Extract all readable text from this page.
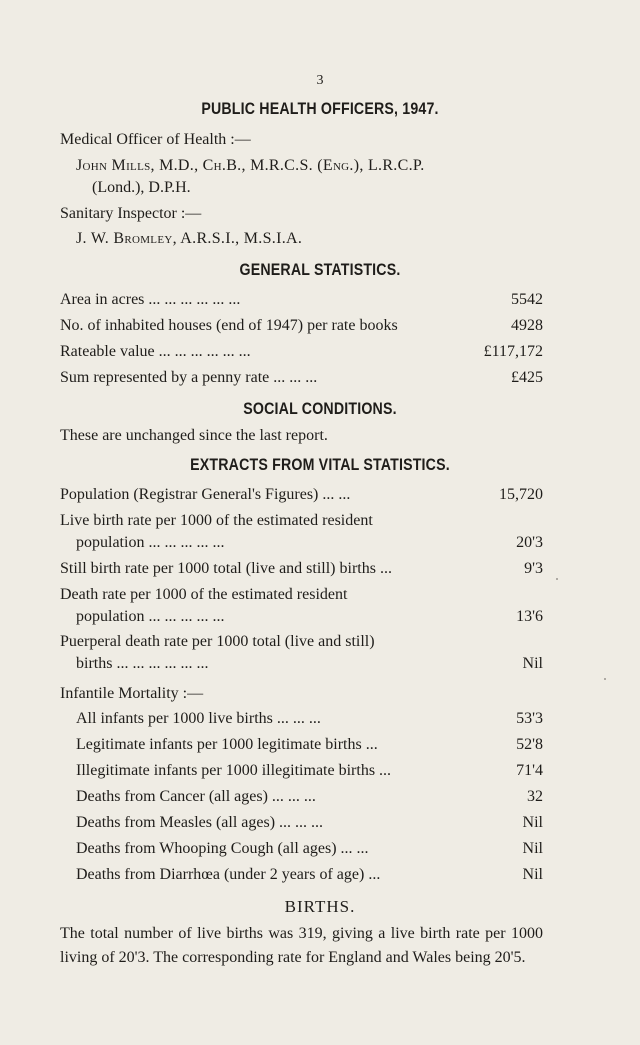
3
PUBLIC HEALTH OFFICERS, 1947.
Medical Officer of Health :—
John Mills, M.D., Ch.B., M.R.C.S. (Eng.), L.R.C.P.
(Lond.), D.P.H.
Sanitary Inspector :—
J. W. Bromley, A.R.S.I., M.S.I.A.
GENERAL STATISTICS.
Area in acres ... ... ... ... ... ...	5542
No. of inhabited houses (end of 1947) per rate books	4928
Rateable value ... ... ... ... ... ...	£117,172
Sum represented by a penny rate ... ... ...	£425
SOCIAL CONDITIONS.
These are unchanged since the last report.
EXTRACTS FROM VITAL STATISTICS.
Population (Registrar General's Figures) ... ...	15,720
Live birth rate per 1000 of the estimated resident
population ... ... ... ... ...	20'3
Still birth rate per 1000 total (live and still) births ...	9'3
Death rate per 1000 of the estimated resident
population ... ... ... ... ...	13'6
Puerperal death rate per 1000 total (live and still)
births ... ... ... ... ... ...	Nil
Infantile Mortality :—
All infants per 1000 live births ... ... ...	53'3
Legitimate infants per 1000 legitimate births ...	52'8
Illegitimate infants per 1000 illegitimate births ...	71'4
Deaths from Cancer (all ages) ... ... ...	32
Deaths from Measles (all ages) ... ... ...	Nil
Deaths from Whooping Cough (all ages) ... ...	Nil
Deaths from Diarrhœa (under 2 years of age) ...	Nil
BIRTHS.
The total number of live births was 319, giving a live birth rate per 1000 living of 20'3. The corresponding rate for England and Wales being 20'5.
